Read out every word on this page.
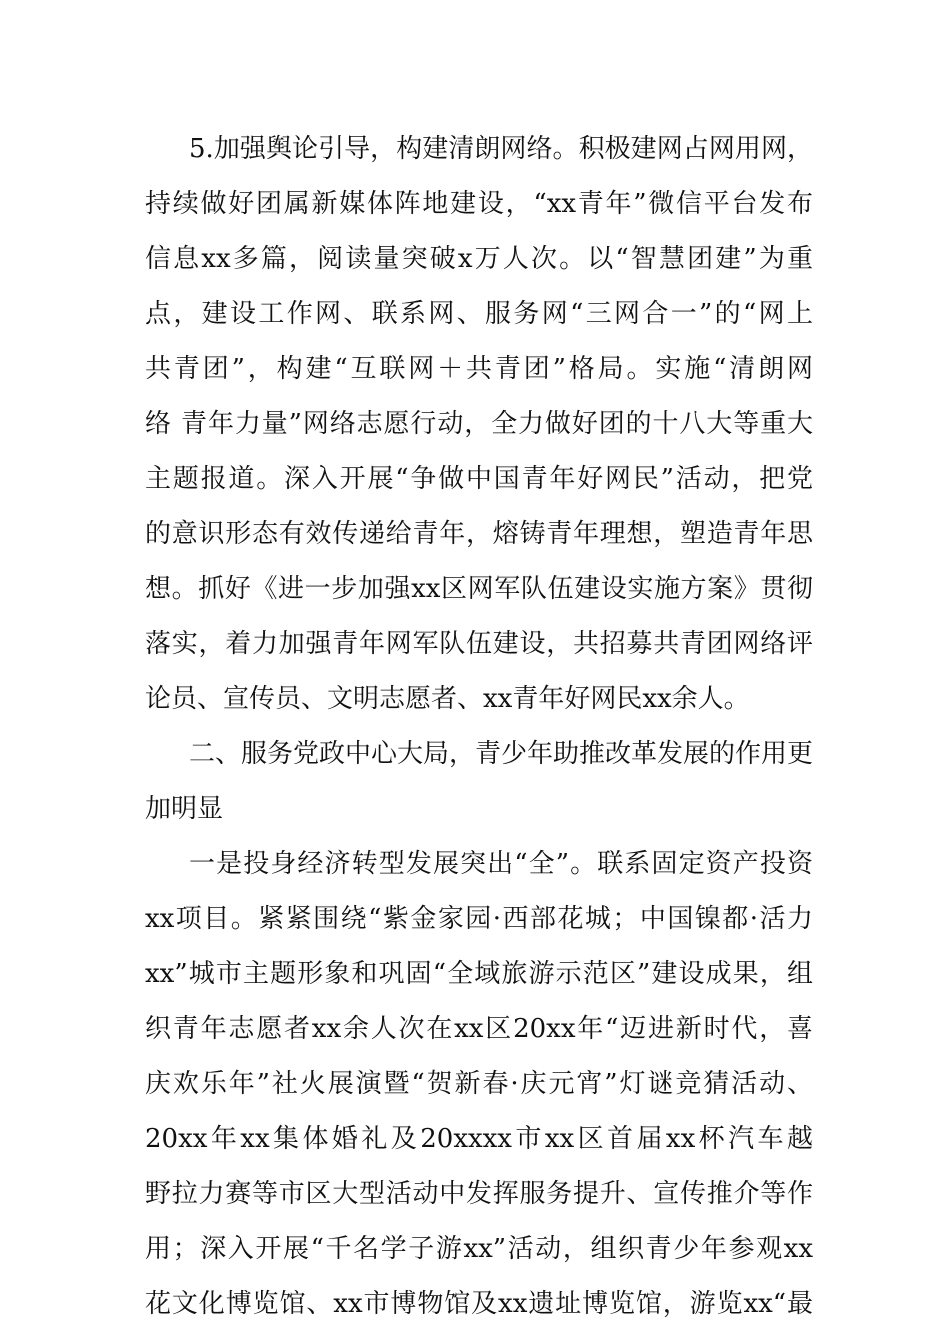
5.加强舆论引导，构建清朗网络。积极建网占网用网，
持续做好团属新媒体阵地建设，“xx青年”微信平台发布
信息xx多篇，阅读量突破x万人次。以“智慧团建”为重
点，建设工作网、联系网、服务网“三网合一”的“网上
共青团”，构建“互联网＋共青团”格局。实施“清朗网
络 青年力量”网络志愿行动，全力做好团的十八大等重大
主题报道。深入开展“争做中国青年好网民”活动，把党
的意识形态有效传递给青年，熔铸青年理想，塑造青年思
想。抓好《进一步加强xx区网军队伍建设实施方案》贯彻
落实，着力加强青年网军队伍建设，共招募共青团网络评
论员、宣传员、文明志愿者、xx青年好网民xx余人。
二、服务党政中心大局，青少年助推改革发展的作用更
加明显
一是投身经济转型发展突出“全”。联系固定资产投资
xx项目。紧紧围绕“紫金家园·西部花城；中国镍都·活力
xx”城市主题形象和巩固“全域旅游示范区”建设成果，组
织青年志愿者xx余人次在xx区20xx年“迈进新时代，喜
庆欢乐年”社火展演暨“贺新春·庆元宵”灯谜竞猜活动、
20xx年xx集体婚礼及20xxxx市xx区首届xx杯汽车越
野拉力赛等市区大型活动中发挥服务提升、宣传推介等作
用；深入开展“千名学子游xx”活动，组织青少年参观xx
花文化博览馆、xx市博物馆及xx遗址博览馆，游览xx“最
